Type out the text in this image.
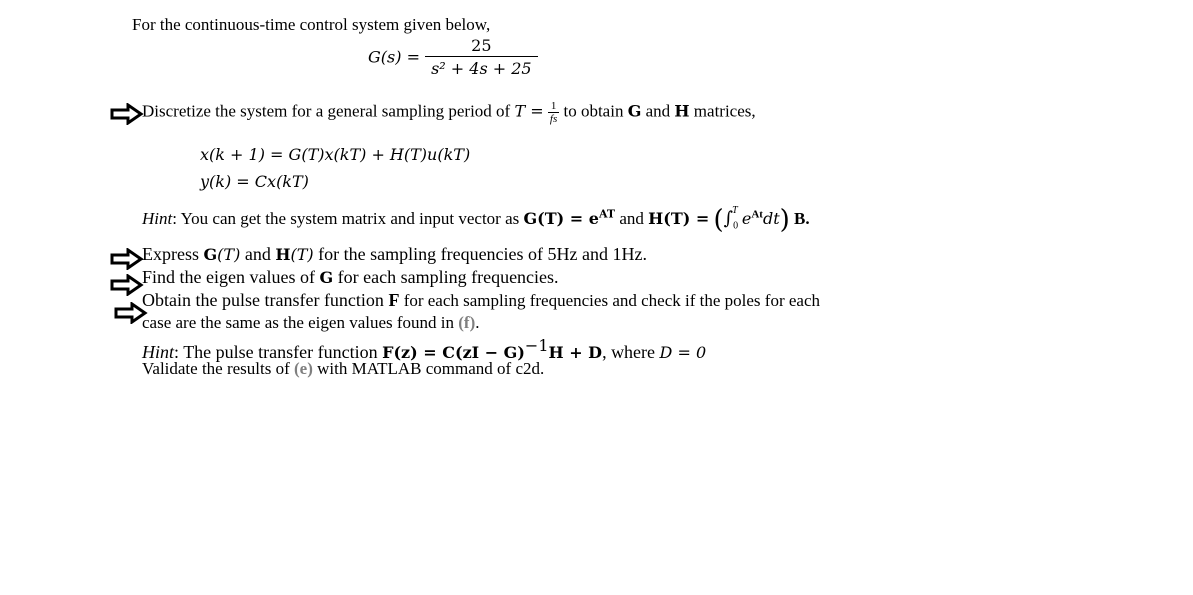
For the continuous-time control system given below,
$G(s) = \frac{25}{\text{s² + 4s + 25}}$
Discretize the system for a general sampling period of $T = \frac{1}{fs}$ to obtain G and H matrices,
x(k + 1) = G(T)x(kT) + H(T)u(kT)
y(k) = Cx(kT)
Hint: You can get the system matrix and input vector as $G(T) = e^{AT}$ and $H(T) = (\int_0^T$ $e^{At}dt$) B.
Express G(T) and H(T) for the sampling frequencies of 5Hz and 1Hz.
Find the eigen values of G for each sampling frequencies.
Obtain the pulse transfer function F for each sampling frequencies and check if the poles for each
case are the same as the eigen values found in (f).
Hint: The pulse transfer function F(z) = C(zI − G)$^{-1}$H + D, where D = 0
Validate the results of (e) with MATLAB command of c2d.
